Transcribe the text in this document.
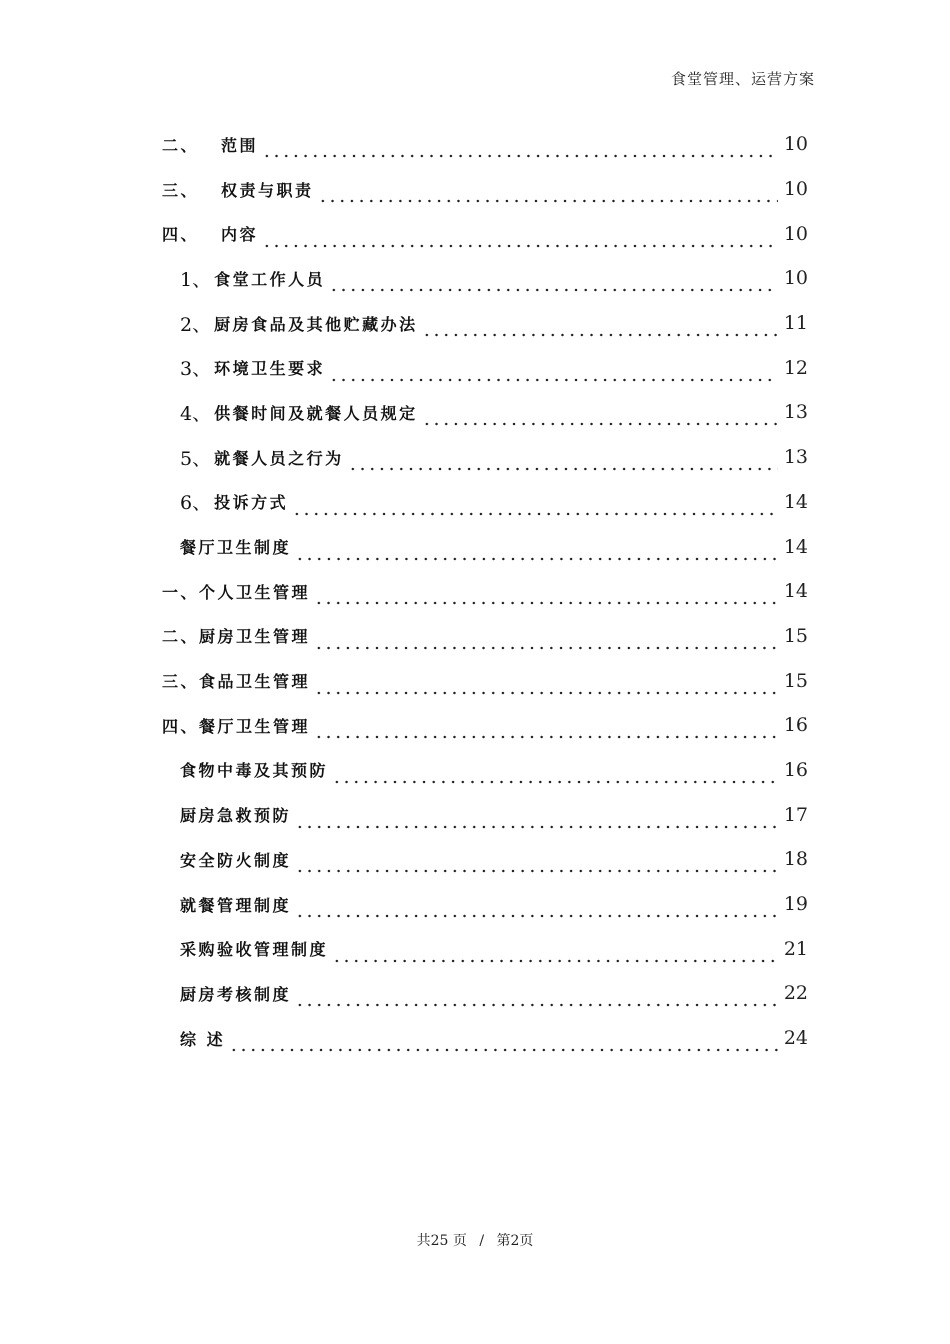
食堂管理、运营方案
二、 范围	10
三、 权责与职责	10
四、 内容	10
1、 食堂工作人员	10
2、 厨房食品及其他贮藏办法	11
3、 环境卫生要求	12
4、 供餐时间及就餐人员规定	13
5、 就餐人员之行为	13
6、 投诉方式	14
餐厅卫生制度	14
一、个人卫生管理	14
二、厨房卫生管理	15
三、食品卫生管理	15
四、餐厅卫生管理	16
食物中毒及其预防	16
厨房急救预防	17
安全防火制度	18
就餐管理制度	19
采购验收管理制度	21
厨房考核制度	22
综 述	24
共25 页 / 第2页
